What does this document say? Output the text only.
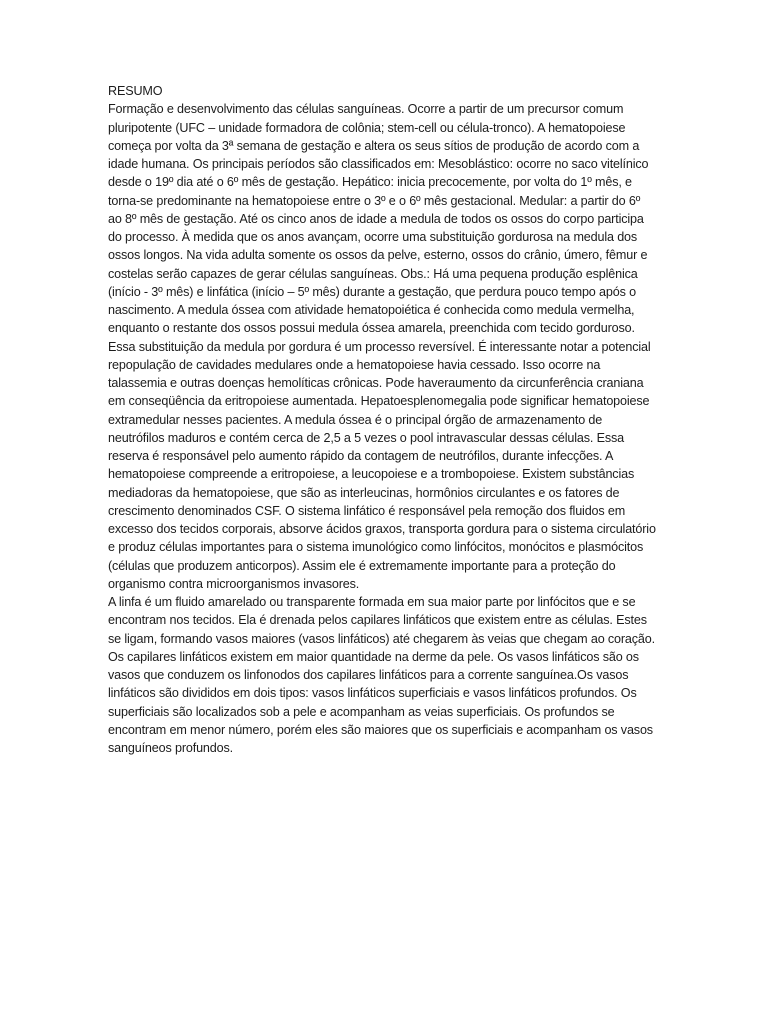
RESUMO

Formação e desenvolvimento das células sanguíneas. Ocorre a partir de um precursor comum pluripotente (UFC – unidade formadora de colônia; stem-cell ou célula-tronco). A hematopoiese começa por volta da 3ª semana de gestação e altera os seus sítios de produção de acordo com a idade humana. Os principais períodos são classificados em: Mesoblástico: ocorre no saco vitelínico desde o 19º dia até o 6º mês de gestação. Hepático: inicia precocemente, por volta do 1º mês, e torna-se predominante na hematopoiese entre o 3º e o 6º mês gestacional. Medular: a partir do 6º ao 8º mês de gestação. Até os cinco anos de idade a medula de todos os ossos do corpo participa do processo. À medida que os anos avançam, ocorre uma substituição gordurosa na medula dos ossos longos. Na vida adulta somente os ossos da pelve, esterno, ossos do crânio, úmero, fêmur e costelas serão capazes de gerar células sanguíneas. Obs.: Há uma pequena produção esplênica (início - 3º mês) e linfática (início – 5º mês) durante a gestação, que perdura pouco tempo após o nascimento. A medula óssea com atividade hematopoiética é conhecida como medula vermelha, enquanto o restante dos ossos possui medula óssea amarela, preenchida com tecido gorduroso. Essa substituição da medula por gordura é um processo reversível. É interessante notar a potencial repopulação de cavidades medulares onde a hematopoiese havia cessado. Isso ocorre na talassemia e outras doenças hemolíticas crônicas. Pode haveraumento da circunferência craniana em conseqüência da eritropoiese aumentada. Hepatoesplenomegalia pode significar hematopoiese extramedular nesses pacientes. A medula óssea é o principal órgão de armazenamento de neutrófilos maduros e contém cerca de 2,5 a 5 vezes o pool intravascular dessas células. Essa reserva é responsável pelo aumento rápido da contagem de neutrófilos, durante infecções. A hematopoiese compreende a eritropoiese, a leucopoiese e a trombopoiese. Existem substâncias mediadoras da hematopoiese, que são as interleucinas, hormônios circulantes e os fatores de crescimento denominados CSF. O sistema linfático é responsável pela remoção dos fluidos em excesso dos tecidos corporais, absorve ácidos graxos, transporta gordura para o sistema circulatório e produz células importantes para o sistema imunológico como linfócitos, monócitos e plasmócitos (células que produzem anticorpos). Assim ele é extremamente importante para a proteção do organismo contra microorganismos invasores.

A linfa é um fluido amarelado ou transparente formada em sua maior parte por linfócitos que e se encontram nos tecidos. Ela é drenada pelos capilares linfáticos que existem entre as células. Estes se ligam, formando vasos maiores (vasos linfáticos) até chegarem às veias que chegam ao coração. Os capilares linfáticos existem em maior quantidade na derme da pele. Os vasos linfáticos são os vasos que conduzem os linfonodos dos capilares linfáticos para a corrente sanguínea.Os vasos linfáticos são divididos em dois tipos: vasos linfáticos superficiais e vasos linfáticos profundos. Os superficiais são localizados sob a pele e acompanham as veias superficiais. Os profundos se encontram em menor número, porém eles são maiores que os superficiais e acompanham os vasos sanguíneos profundos.
